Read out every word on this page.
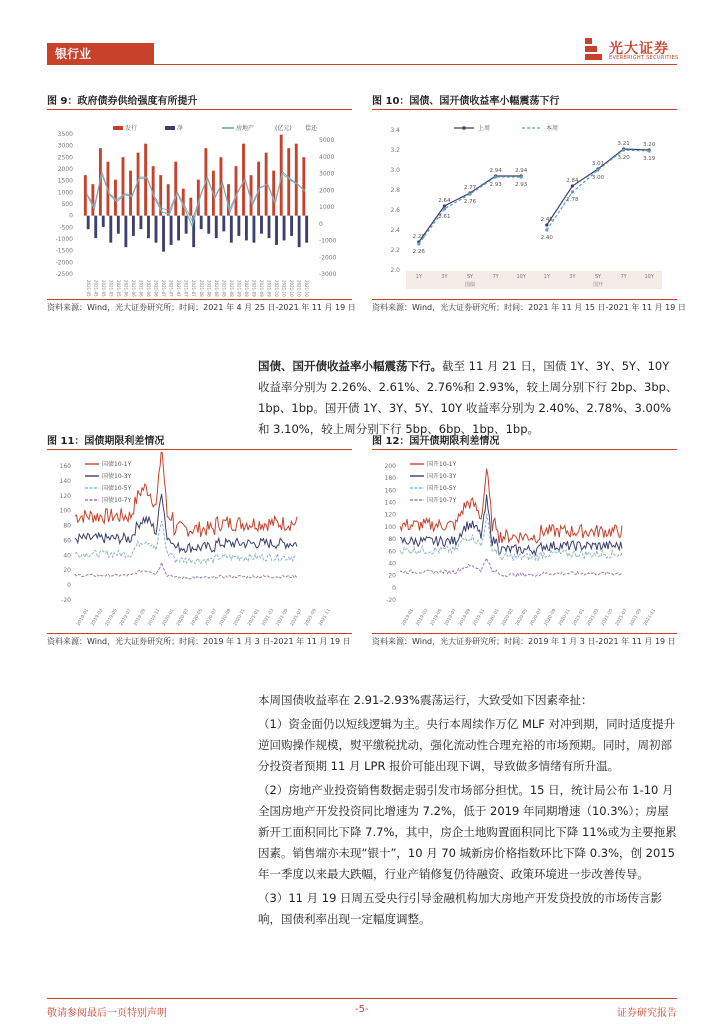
银行业	光大证券
EVERBRIGHT SECURITIES
图 9：政府债券供给强度有所提升
发行	净	房地产	(亿元) 偿还
3500
3000
2500
2000
1500
1000
500
0
-500
-1000
-1500
-2000
-2500
5000
4000
3000
2000
1000
0
-1000
-2000
-3000
2021-05 2021-05 2021-05 2021-05 2021-05 2021-06 2021-06 2021-06 2021-06 2021-06 2021-07 2021-07 2021-07 2021-07 2021-07 2021-08 2021-08 2021-08 2021-08 2021-08 2021-09 2021-09 2021-09 2021-09 2021-09 2021-10 2021-10 2021-10 2021-10 2021-10
资料来源：Wind，光大证券研究所；时间：2021 年 4 月 25 日-2021 年 11 月 19 日
图 10：国债、国开债收益率小幅震荡下行
上周	本周
3.4
3.2
3.0
2.8
2.6
2.4
2.2
2.0
1Y	3Y	5Y	7Y	10Y	1Y	3Y	5Y	7Y	10Y
国债	国开
2.28
2.64
2.77
2.94 2.94
2.26
2.61
2.76
2.93 2.93
2.45
2.84
3.01
3.21 3.20
2.40
2.78
3.00
3.20 3.19
资料来源：Wind，光大证券研究所；时间：2021 年 11 月 15 日-2021 年 11 月 19 日
国债、国开债收益率小幅震荡下行。截至 11 月 21 日，国债 1Y、3Y、5Y、10Y 收益率分别为 2.26%、2.61%、2.76%和 2.93%，较上周分别下行 2bp、3bp、1bp、1bp。国开债 1Y、3Y、5Y、10Y 收益率分别为 2.40%、2.78%、3.00%和 3.10%，较上周分别下行 5bp、6bp、1bp、1bp。
图 11：国债期限利差情况
160
140
120
100
80
60
40
20
0
-20
国债10-1Y
国债10-3Y
国债10-5Y
国债10-7Y
2019-01 2019-03 2019-05 2019-07 2019-09 2019-11 2020-01 2020-03 2020-05 2020-07 2020-09 2020-11 2021-01 2021-03 2021-05 2021-07 2021-09 2021-11
资料来源：Wind，光大证券研究所；时间：2019 年 1 月 3 日-2021 年 11 月 19 日
图 12：国开债期限利差情况
200
180
160
140
120
100
80
60
40
20
0
-20
国开10-1Y
国开10-3Y
国开10-5Y
国开10-7Y
2019-01 2019-03 2019-05 2019-07 2019-09 2019-11 2020-01 2020-03 2020-05 2020-07 2020-09 2020-11 2021-01 2021-03 2021-05 2021-07 2021-09 2021-11
资料来源：Wind，光大证券研究所；时间：2019 年 1 月 3 日-2021 年 11 月 19 日
本周国债收益率在 2.91-2.93%震荡运行，大致受如下因素牵扯：
（1）资金面仍以短线逻辑为主。央行本周续作万亿 MLF 对冲到期，同时适度提升逆回购操作规模，熨平缴税扰动，强化流动性合理充裕的市场预期。同时，周初部分投资者预期 11 月 LPR 报价可能出现下调，导致做多情绪有所升温。
（2）房地产业投资销售数据走弱引发市场部分担忧。15 日，统计局公布 1-10 月全国房地产开发投资同比增速为 7.2%，低于 2019 年同期增速（10.3%）；房屋新开工面积同比下降 7.7%，其中，房企土地购置面积同比下降 11%或为主要拖累因素。销售端亦未现“银十”，10 月 70 城新房价格指数环比下降 0.3%，创 2015 年一季度以来最大跌幅，行业产销修复仍待融资、政策环境进一步改善传导。
（3）11 月 19 日周五受央行引导金融机构加大房地产开发贷投放的市场传言影响，国债利率出现一定幅度调整。
敬请参阅最后一页特别声明	-5-	证券研究报告
